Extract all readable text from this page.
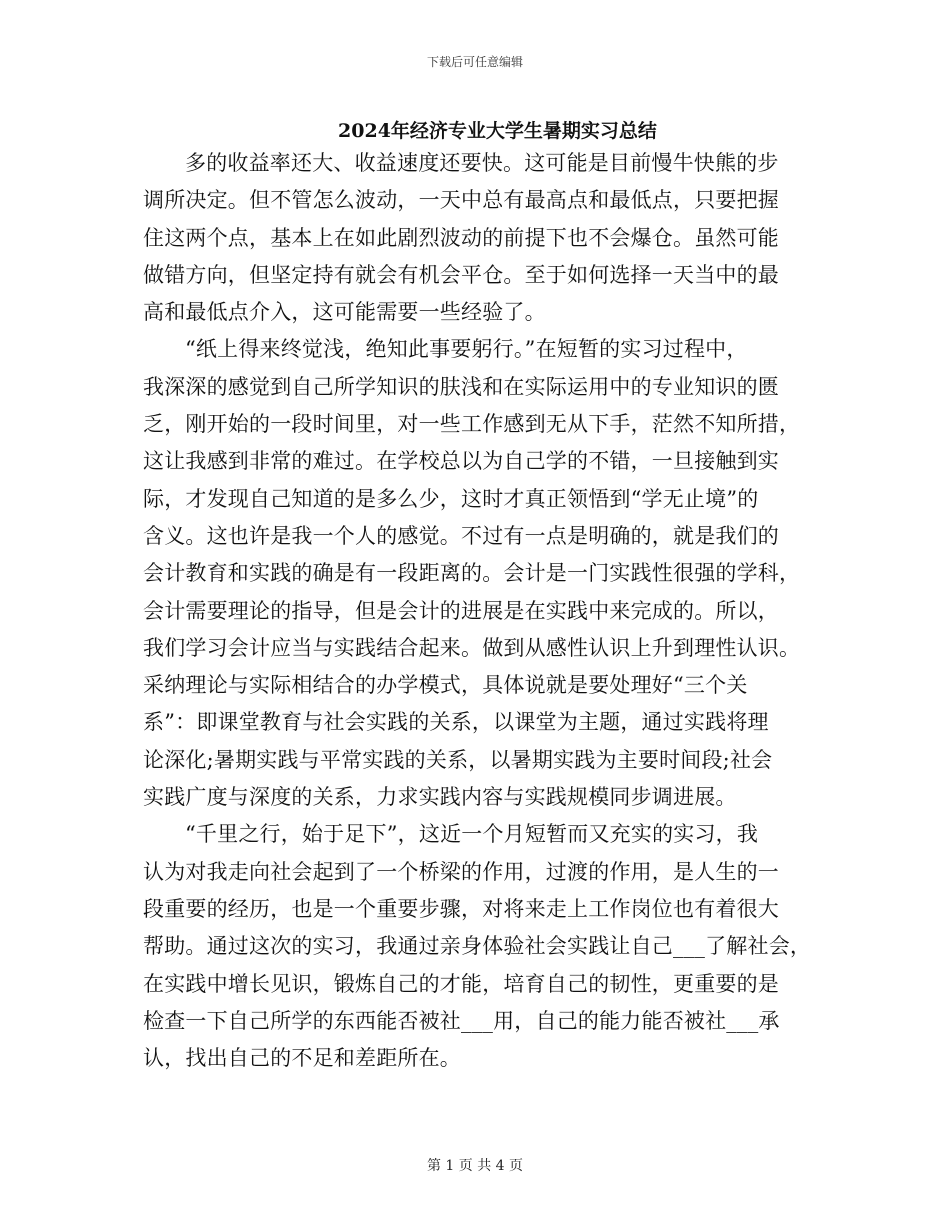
下载后可任意编辑
2024年经济专业大学生暑期实习总结
多的收益率还大、收益速度还要快。这可能是目前慢牛快熊的步
调所决定。但不管怎么波动，一天中总有最高点和最低点，只要把握
住这两个点，基本上在如此剧烈波动的前提下也不会爆仓。虽然可能
做错方向，但坚定持有就会有机会平仓。至于如何选择一天当中的最
高和最低点介入，这可能需要一些经验了。
“纸上得来终觉浅，绝知此事要躬行。”在短暂的实习过程中，
我深深的感觉到自己所学知识的肤浅和在实际运用中的专业知识的匮
乏，刚开始的一段时间里，对一些工作感到无从下手，茫然不知所措，
这让我感到非常的难过。在学校总以为自己学的不错，一旦接触到实
际，才发现自己知道的是多么少，这时才真正领悟到“学无止境”的
含义。这也许是我一个人的感觉。不过有一点是明确的，就是我们的
会计教育和实践的确是有一段距离的。会计是一门实践性很强的学科，
会计需要理论的指导，但是会计的进展是在实践中来完成的。所以，
我们学习会计应当与实践结合起来。做到从感性认识上升到理性认识。
采纳理论与实际相结合的办学模式，具体说就是要处理好“三个关
系”：即课堂教育与社会实践的关系，以课堂为主题，通过实践将理
论深化;暑期实践与平常实践的关系，以暑期实践为主要时间段;社会
实践广度与深度的关系，力求实践内容与实践规模同步调进展。
“千里之行，始于足下”，这近一个月短暂而又充实的实习，我
认为对我走向社会起到了一个桥梁的作用，过渡的作用，是人生的一
段重要的经历，也是一个重要步骤，对将来走上工作岗位也有着很大
帮助。通过这次的实习，我通过亲身体验社会实践让自己___了解社会，
在实践中增长见识，锻炼自己的才能，培育自己的韧性，更重要的是
检查一下自己所学的东西能否被社___用，自己的能力能否被社___承
认，找出自己的不足和差距所在。
第 1 页 共 4 页
